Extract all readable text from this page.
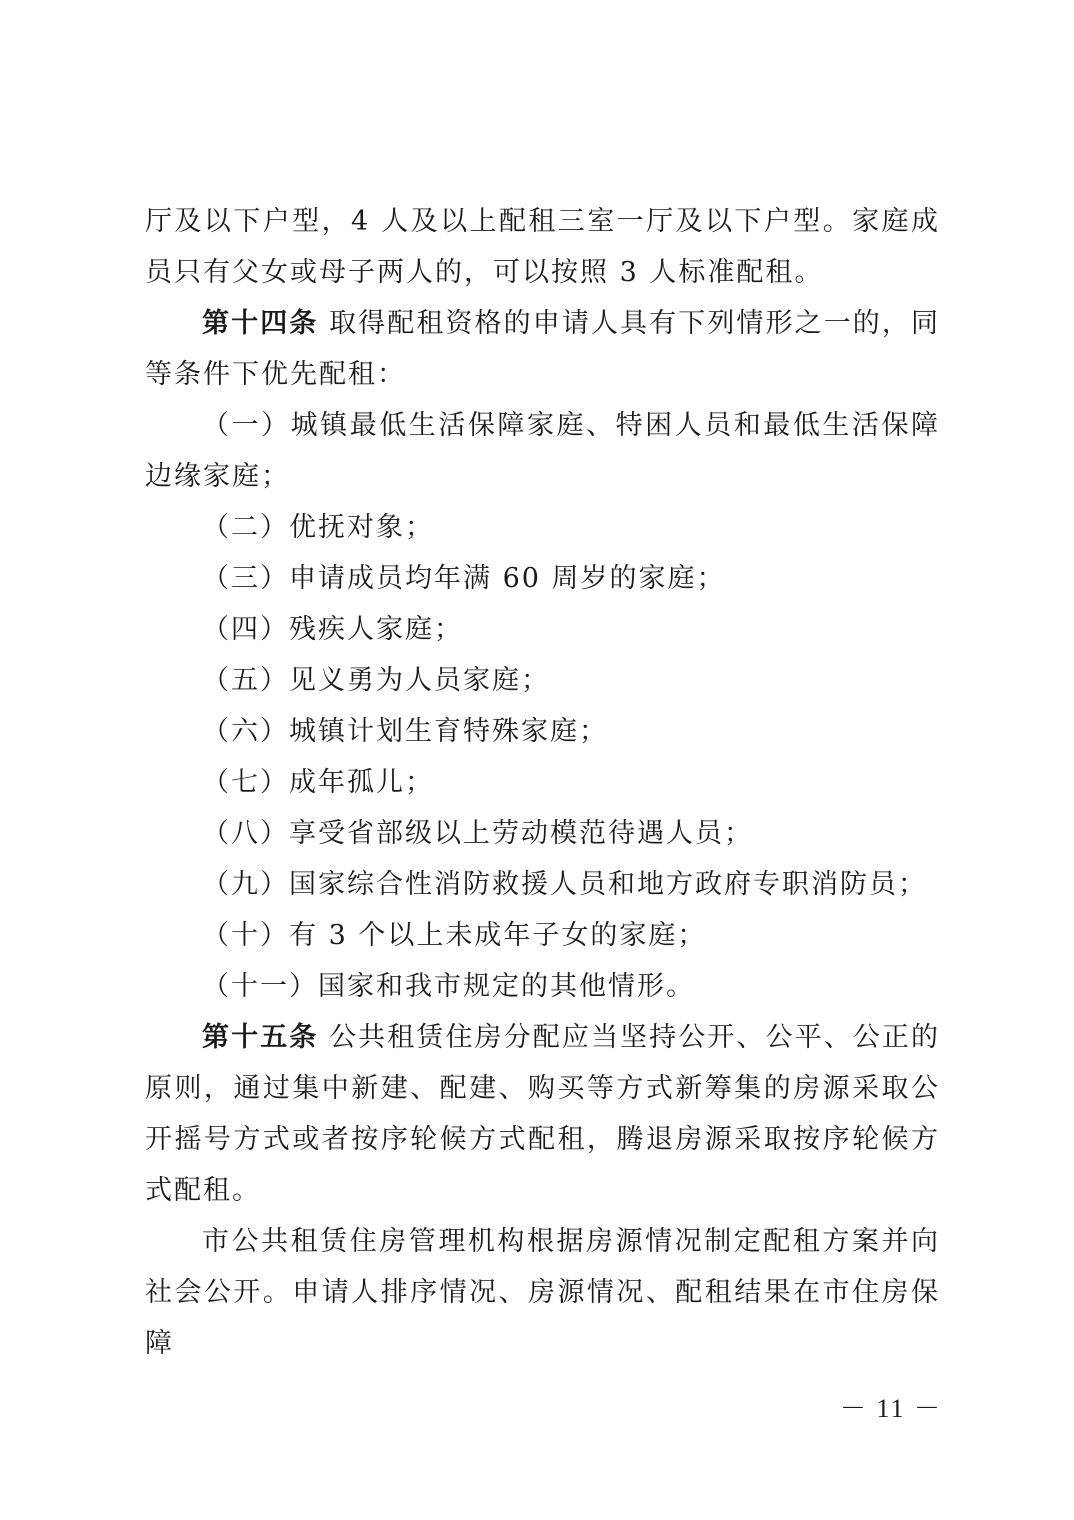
厅及以下户型，4 人及以上配租三室一厅及以下户型。家庭成员只有父女或母子两人的，可以按照 3 人标准配租。

第十四条 取得配租资格的申请人具有下列情形之一的，同等条件下优先配租：

（一）城镇最低生活保障家庭、特困人员和最低生活保障边缘家庭；

（二）优抚对象；

（三）申请成员均年满 60 周岁的家庭；

（四）残疾人家庭；

（五）见义勇为人员家庭；

（六）城镇计划生育特殊家庭；

（七）成年孤儿；

（八）享受省部级以上劳动模范待遇人员；

（九）国家综合性消防救援人员和地方政府专职消防员；

（十）有 3 个以上未成年子女的家庭；

（十一）国家和我市规定的其他情形。

第十五条 公共租赁住房分配应当坚持公开、公平、公正的原则，通过集中新建、配建、购买等方式新筹集的房源采取公开摇号方式或者按序轮候方式配租，腾退房源采取按序轮候方式配租。

市公共租赁住房管理机构根据房源情况制定配租方案并向社会公开。申请人排序情况、房源情况、配租结果在市住房保障

－ 11 －
